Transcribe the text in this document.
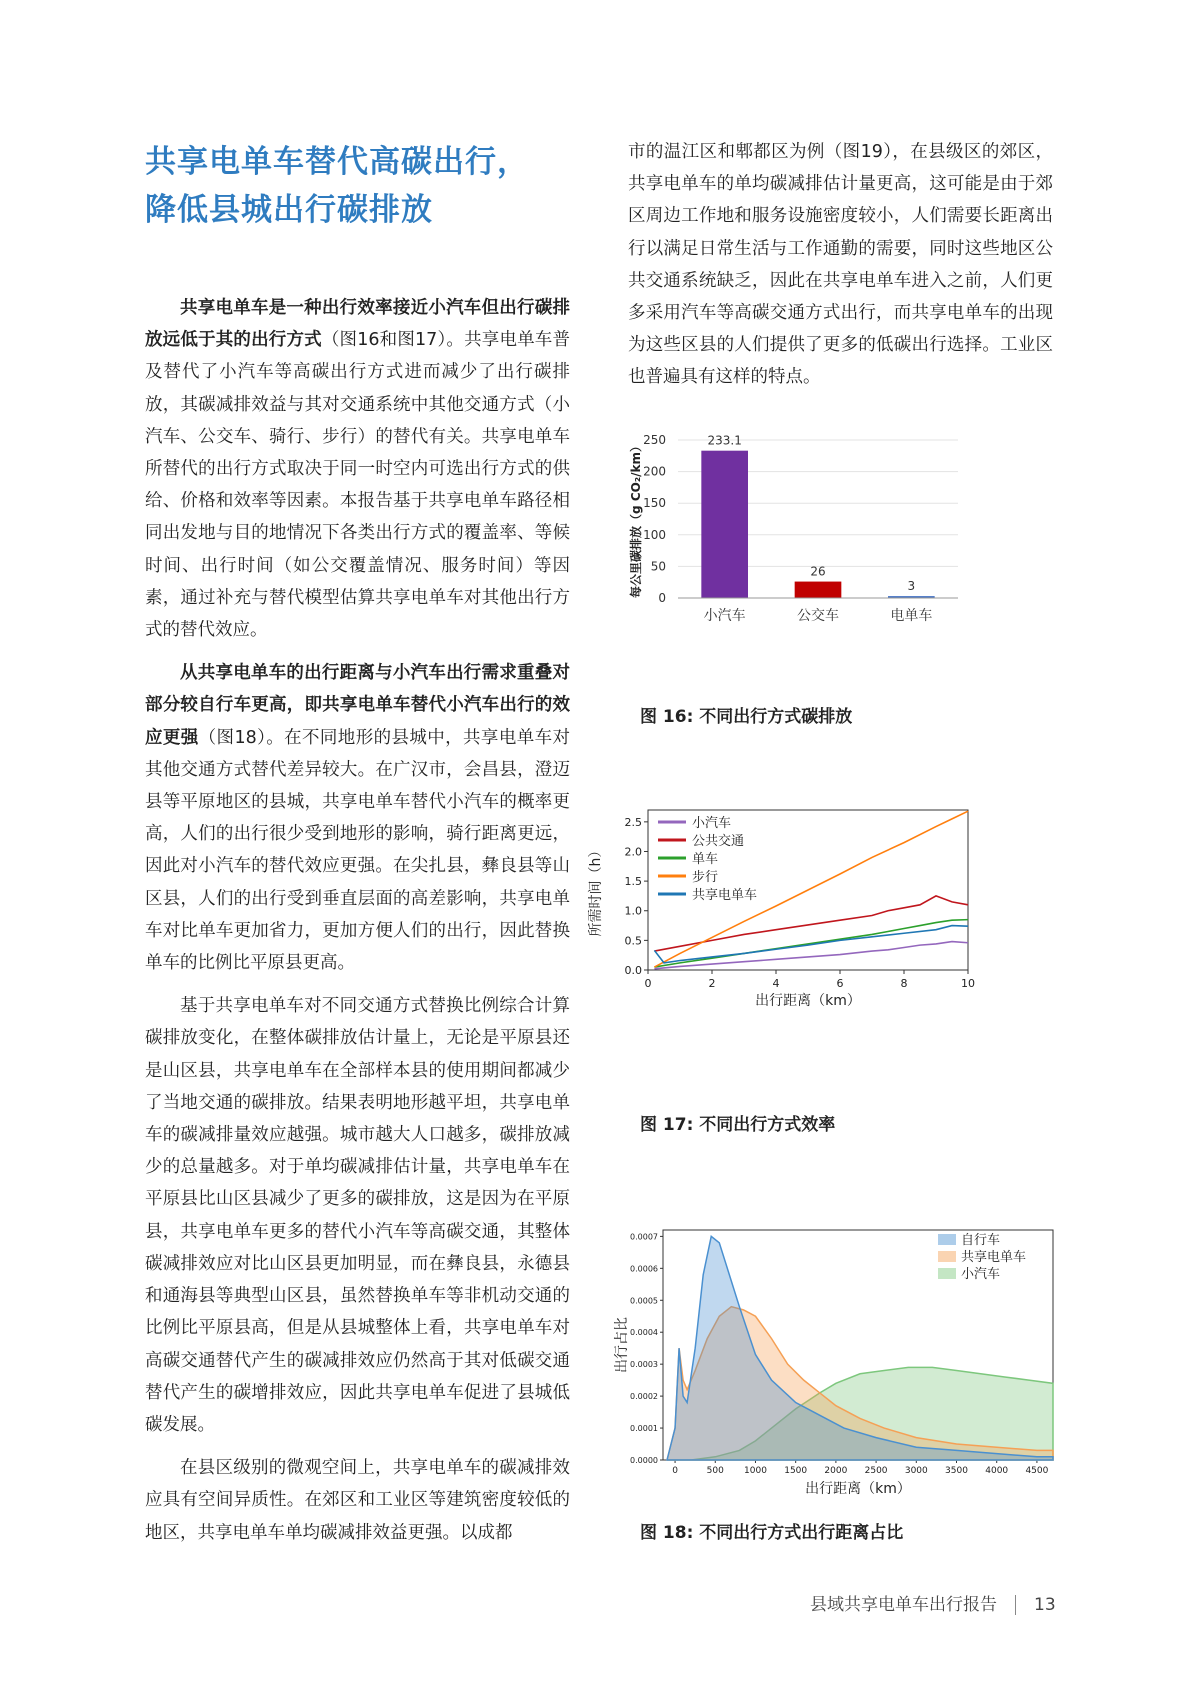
共享电单车替代高碳出行，
降低县城出行碳排放

共享电单车是一种出行效率接近小汽车但出行碳排放远低于其的出行方式（图16和图17）。共享电单车普及替代了小汽车等高碳出行方式进而减少了出行碳排放，其碳减排效益与其对交通系统中其他交通方式（小汽车、公交车、骑行、步行）的替代有关。共享电单车所替代的出行方式取决于同一时空内可选出行方式的供给、价格和效率等因素。本报告基于共享电单车路径相同出发地与目的地情况下各类出行方式的覆盖率、等候时间、出行时间（如公交覆盖情况、服务时间）等因素，通过补充与替代模型估算共享电单车对其他出行方式的替代效应。

从共享电单车的出行距离与小汽车出行需求重叠对部分较自行车更高，即共享电单车替代小汽车出行的效应更强（图18）。在不同地形的县城中，共享电单车对其他交通方式替代差异较大。在广汉市，会昌县，澄迈县等平原地区的县城，共享电单车替代小汽车的概率更高，人们的出行很少受到地形的影响，骑行距离更远，因此对小汽车的替代效应更强。在尖扎县，彝良县等山区县，人们的出行受到垂直层面的高差影响，共享电单车对比单车更加省力，更加方便人们的出行，因此替换单车的比例比平原县更高。

基于共享电单车对不同交通方式替换比例综合计算碳排放变化，在整体碳排放估计量上，无论是平原县还是山区县，共享电单车在全部样本县的使用期间都减少了当地交通的碳排放。结果表明地形越平坦，共享电单车的碳减排量效应越强。城市越大人口越多，碳排放减少的总量越多。对于单均碳减排估计量，共享电单车在平原县比山区县减少了更多的碳排放，这是因为在平原县，共享电单车更多的替代小汽车等高碳交通，其整体碳减排效应对比山区县更加明显，而在彝良县，永德县和通海县等典型山区县，虽然替换单车等非机动交通的比例比平原县高，但是从县城整体上看，共享电单车对高碳交通替代产生的碳减排效应仍然高于其对低碳交通替代产生的碳增排效应，因此共享电单车促进了县城低碳发展。

在县区级别的微观空间上，共享电单车的碳减排效应具有空间异质性。在郊区和工业区等建筑密度较低的地区，共享电单车单均碳减排效益更强。以成都

市的温江区和郫都区为例（图19），在县级区的郊区，共享电单车的单均碳减排估计量更高，这可能是由于郊区周边工作地和服务设施密度较小，人们需要长距离出行以满足日常生活与工作通勤的需要，同时这些地区公共交通系统缺乏，因此在共享电单车进入之前，人们更多采用汽车等高碳交通方式出行，而共享电单车的出现为这些区县的人们提供了更多的低碳出行选择。工业区也普遍具有这样的特点。

0
50
100
150
200
250	233.1
小汽车
26
公交车
3
电单车
每公里碳排放（g CO₂/km）
图 16: 不同出行方式碳排放
0.0
0.5
1.0
1.5
2.0
2.5
0	2	4	6	8	10
小汽车
公共交通
单车
步行
共享电单车
出行距离（km）
所需时间（h）
图 17: 不同出行方式效率
0.0000
0.0001
0.0002
0.0003
0.0004
0.0005
0.0006
0.0007
0	500 1000 1500 2000 2500 3000 3500 4000 4500
自行车
共享电单车
小汽车
出行距离（km）
出行占比
图 18: 不同出行方式出行距离占比
县域共享电单车出行报告 13
